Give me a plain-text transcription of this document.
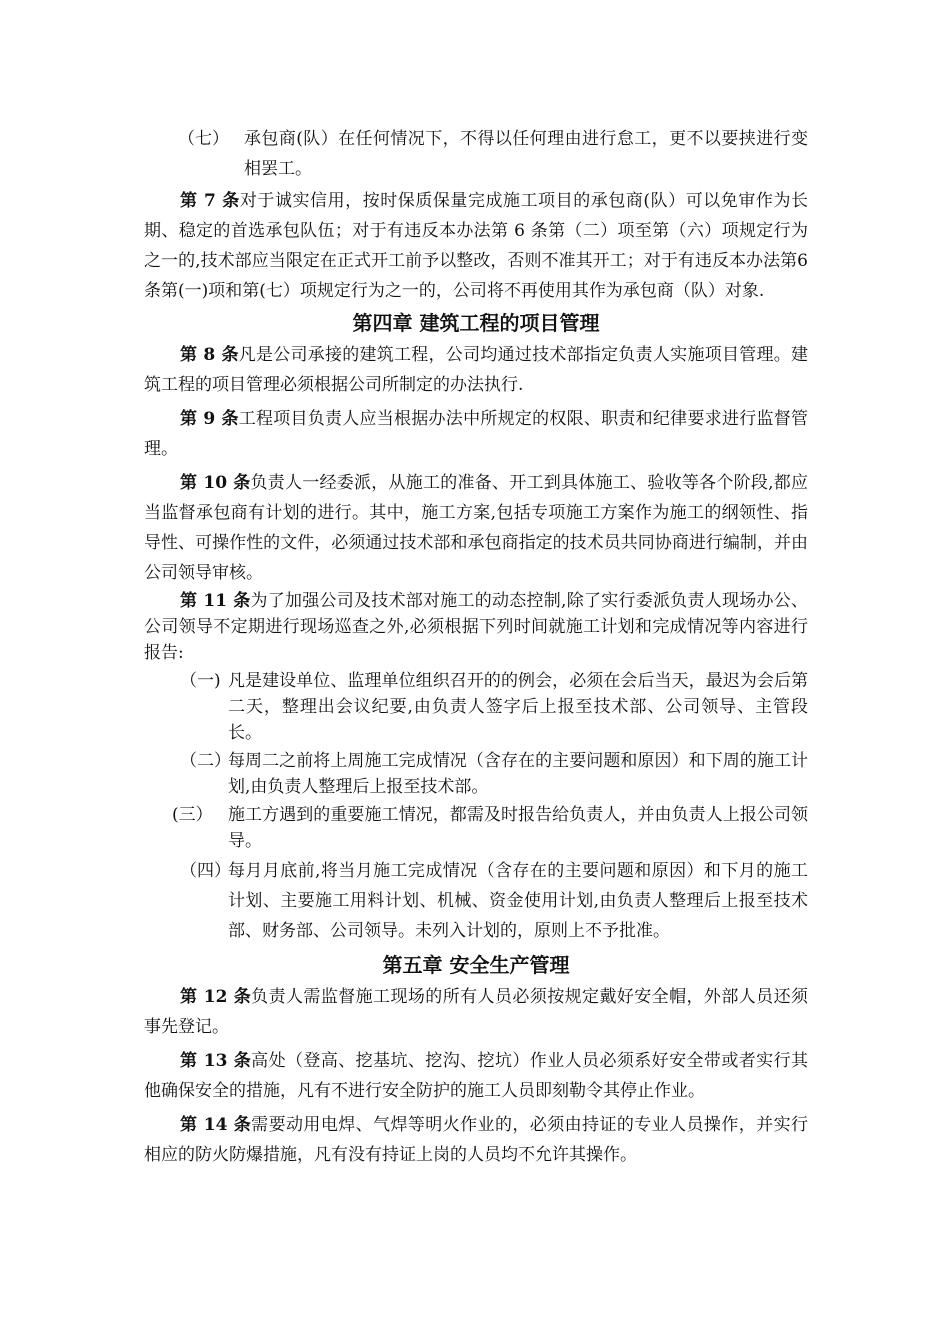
（七） 承包商(队）在任何情况下，不得以任何理由进行怠工，更不以要挟进行变相罢工。

第 7 条对于诚实信用，按时保质保量完成施工项目的承包商(队）可以免审作为长期、稳定的首选承包队伍；对于有违反本办法第 6 条第（二）项至第（六）项规定行为之一的,技术部应当限定在正式开工前予以整改，否则不准其开工；对于有违反本办法第6条第(一)项和第(七）项规定行为之一的，公司将不再使用其作为承包商（队）对象.

第四章 建筑工程的项目管理

第 8 条凡是公司承接的建筑工程，公司均通过技术部指定负责人实施项目管理。建筑工程的项目管理必须根据公司所制定的办法执行.

第 9 条工程项目负责人应当根据办法中所规定的权限、职责和纪律要求进行监督管理。

第 10 条负责人一经委派，从施工的准备、开工到具体施工、验收等各个阶段,都应当监督承包商有计划的进行。其中，施工方案,包括专项施工方案作为施工的纲领性、指导性、可操作性的文件，必须通过技术部和承包商指定的技术员共同协商进行编制，并由公司领导审核。

第 11 条为了加强公司及技术部对施工的动态控制,除了实行委派负责人现场办公、公司领导不定期进行现场巡查之外,必须根据下列时间就施工计划和完成情况等内容进行报告:

（一) 凡是建设单位、监理单位组织召开的的例会，必须在会后当天，最迟为会后第二天，整理出会议纪要,由负责人签字后上报至技术部、公司领导、主管段长。
（二）
每周二之前将上周施工完成情况（含存在的主要问题和原因）和下周的施工计划,由负责人整理后上报至技术部。
(三） 施工方遇到的重要施工情况，都需及时报告给负责人，并由负责人上报公司领导。
（四）
每月月底前,将当月施工完成情况（含存在的主要问题和原因）和下月的施工计划、主要施工用料计划、机械、资金使用计划,由负责人整理后上报至技术部、财务部、公司领导。未列入计划的，原则上不予批准。
第五章 安全生产管理

第 12 条负责人需监督施工现场的所有人员必须按规定戴好安全帽，外部人员还须事先登记。

第 13 条高处（登高、挖基坑、挖沟、挖坑）作业人员必须系好安全带或者实行其他确保安全的措施，凡有不进行安全防护的施工人员即刻勒令其停止作业。

第 14 条需要动用电焊、气焊等明火作业的，必须由持证的专业人员操作，并实行相应的防火防爆措施，凡有没有持证上岗的人员均不允许其操作。
